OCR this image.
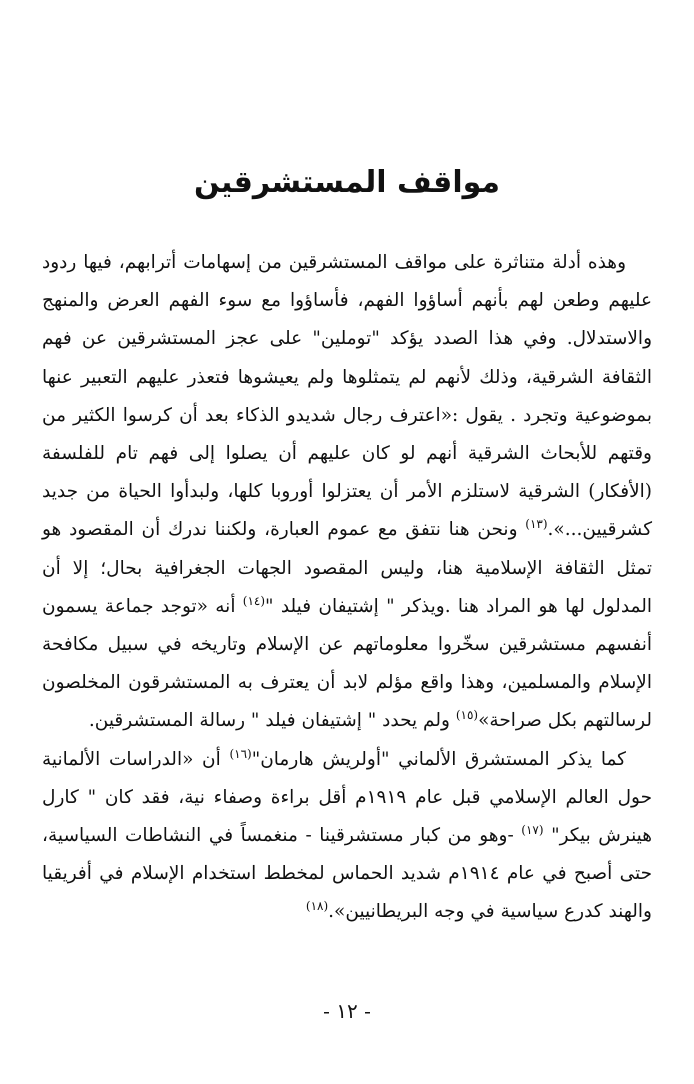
مواقف المستشرقين

وهذه أدلة متناثرة على مواقف المستشرقين من إسهامات أترابهم، فيها ردود عليهم وطعن لهم بأنهم أساؤوا الفهم، فأساؤوا مع سوء الفهم العرض والمنهج والاستدلال. وفي هذا الصدد يؤكد "توملين" على عجز المستشرقين عن فهم الثقافة الشرقية، وذلك لأنهم لم يتمثلوها ولم يعيشوها فتعذر عليهم التعبير عنها بموضوعية وتجرد . يقول :«اعترف رجال شديدو الذكاء بعد أن كرسوا الكثير من وقتهم للأبحاث الشرقية أنهم لو كان عليهم أن يصلوا إلى فهم تام للفلسفة (الأفكار) الشرقية لاستلزم الأمر أن يعتزلوا أوروبا كلها، ولبدأوا الحياة من جديد كشرقيين...».$^{(١٣)}$ ونحن هنا نتفق مع عموم العبارة، ولكننا ندرك أن المقصود هو تمثل الثقافة الإسلامية هنا، وليس المقصود الجهات الجغرافية بحال؛ إلا أن المدلول لها هو المراد هنا .ويذكر " إشتيفان فيلد "$^{(١٤)}$ أنه «توجد جماعة يسمون أنفسهم مستشرقين سخّروا معلوماتهم عن الإسلام وتاريخه في سبيل مكافحة الإسلام والمسلمين، وهذا واقع مؤلم لابد أن يعترف به المستشرقون المخلصون لرسالتهم بكل صراحة»$^{(١٥)}$ ولم يحدد " إشتيفان فيلد " رسالة المستشرقين.

كما يذكر المستشرق الألماني "أولريش هارمان"$^{(١٦)}$ أن «الدراسات الألمانية حول العالم الإسلامي قبل عام ١٩١٩م أقل براءة وصفاء نية، فقد كان " كارل هينرش بيكر" $^{(١٧)}$ -وهو من كبار مستشرقينا - منغمساً في النشاطات السياسية، حتى أصبح في عام ١٩١٤م شديد الحماس لمخطط استخدام الإسلام في أفريقيا والهند كدرع سياسية في وجه البريطانيين».$^{(١٨)}$

- ١٢ -
